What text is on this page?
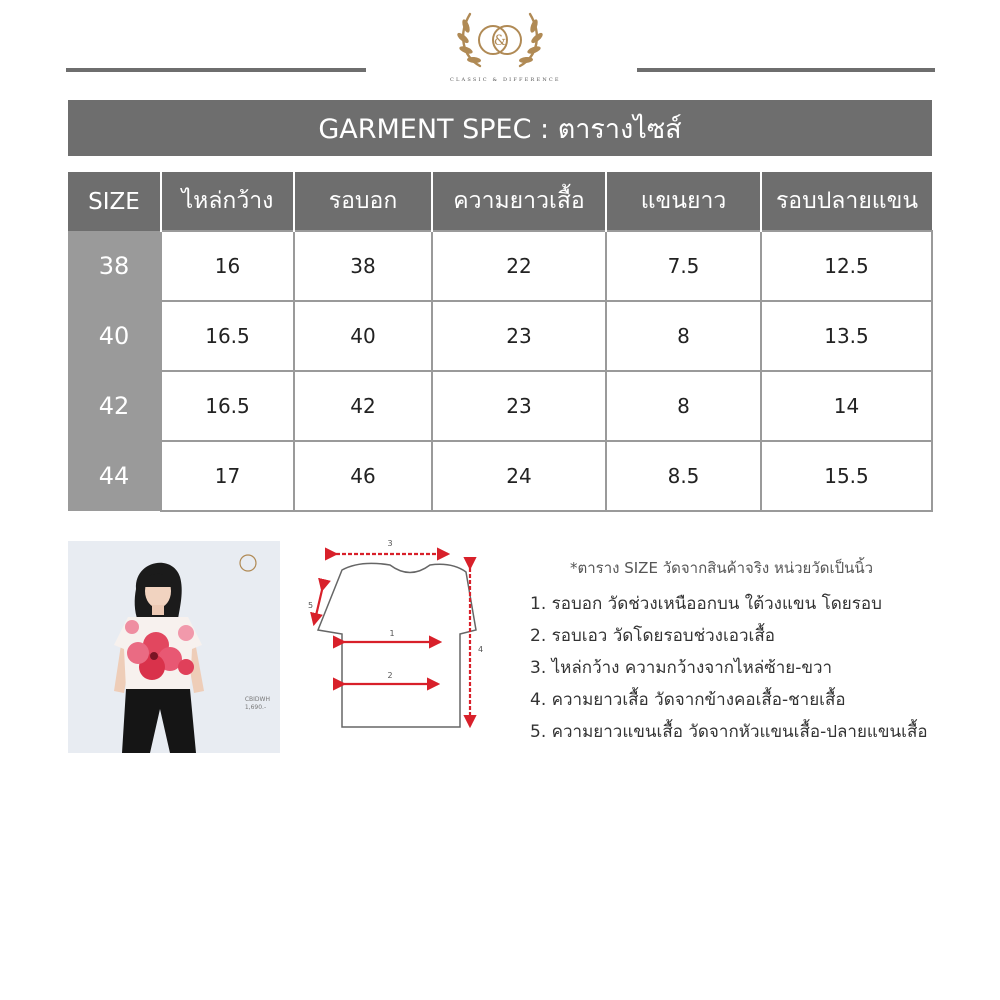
&
CLASSIC & DIFFERENCE
GARMENT SPEC : ตารางไซส์
SIZE	ไหล่กว้าง	รอบอก	ความยาวเสื้อ	แขนยาว	รอบปลายแขน
38	16	38	22	7.5	12.5
40	16.5	40	23	8	13.5
42	16.5	42	23	8	14
44	17	46	24	8.5	15.5
CBIDWH
1,690.-
3
1
2
4
5
*ตาราง SIZE วัดจากสินค้าจริง หน่วยวัดเป็นนิ้ว
1. รอบอก วัดช่วงเหนืออกบน ใต้วงแขน โดยรอบ
2. รอบเอว วัดโดยรอบช่วงเอวเสื้อ
3. ไหล่กว้าง ความกว้างจากไหล่ซ้าย-ขวา
4. ความยาวเสื้อ วัดจากข้างคอเสื้อ-ชายเสื้อ
5. ความยาวแขนเสื้อ วัดจากหัวแขนเสื้อ-ปลายแขนเสื้อ
